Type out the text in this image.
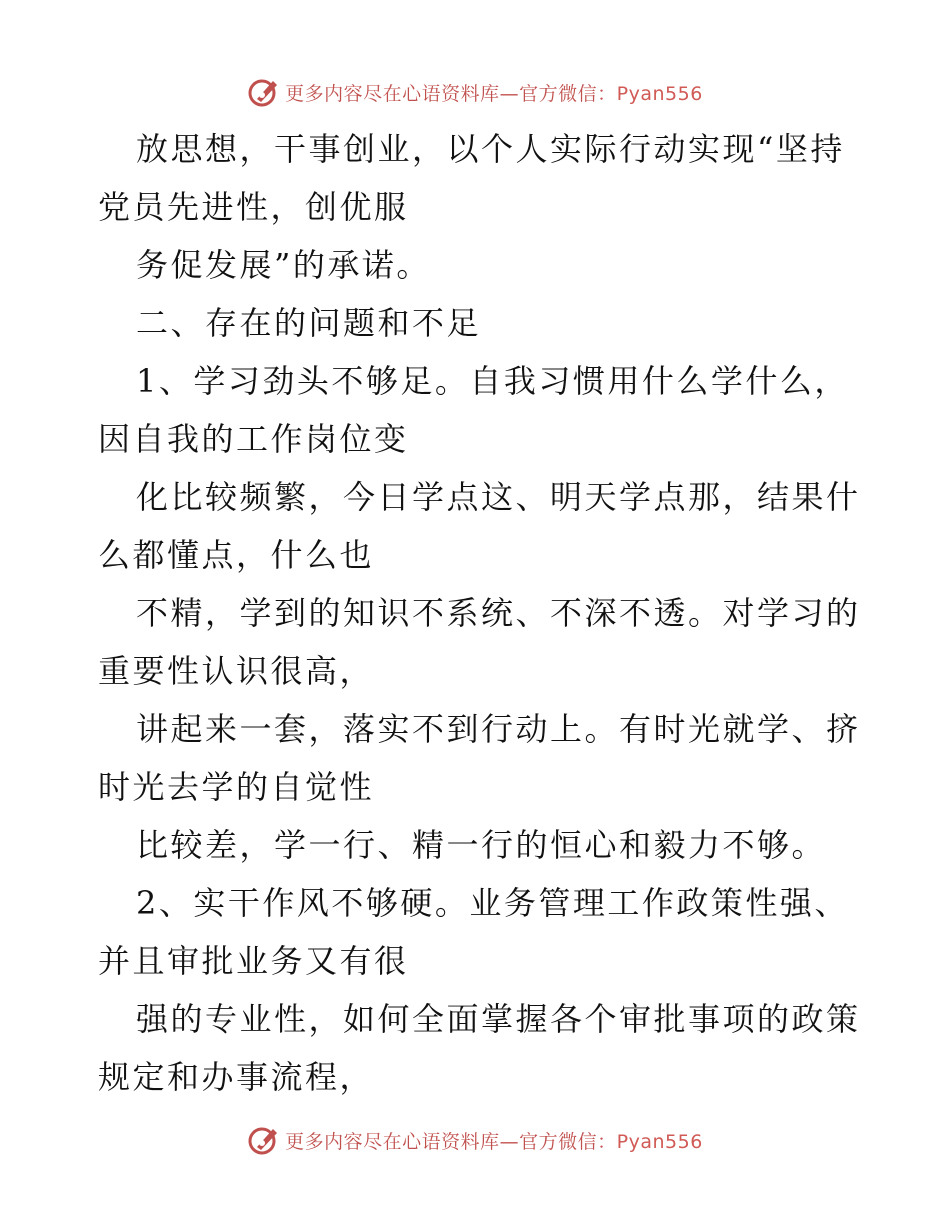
更多内容尽在心语资料库—官方微信：Pyan556
放思想，干事创业，以个人实际行动实现“坚持
党员先进性，创优服
务促发展”的承诺。
二、存在的问题和不足
1、学习劲头不够足。自我习惯用什么学什么，
因自我的工作岗位变
化比较频繁，今日学点这、明天学点那，结果什
么都懂点，什么也
不精，学到的知识不系统、不深不透。对学习的
重要性认识很高，
讲起来一套，落实不到行动上。有时光就学、挤
时光去学的自觉性
比较差，学一行、精一行的恒心和毅力不够。
2、实干作风不够硬。业务管理工作政策性强、
并且审批业务又有很
强的专业性，如何全面掌握各个审批事项的政策
规定和办事流程，
更多内容尽在心语资料库—官方微信：Pyan556
